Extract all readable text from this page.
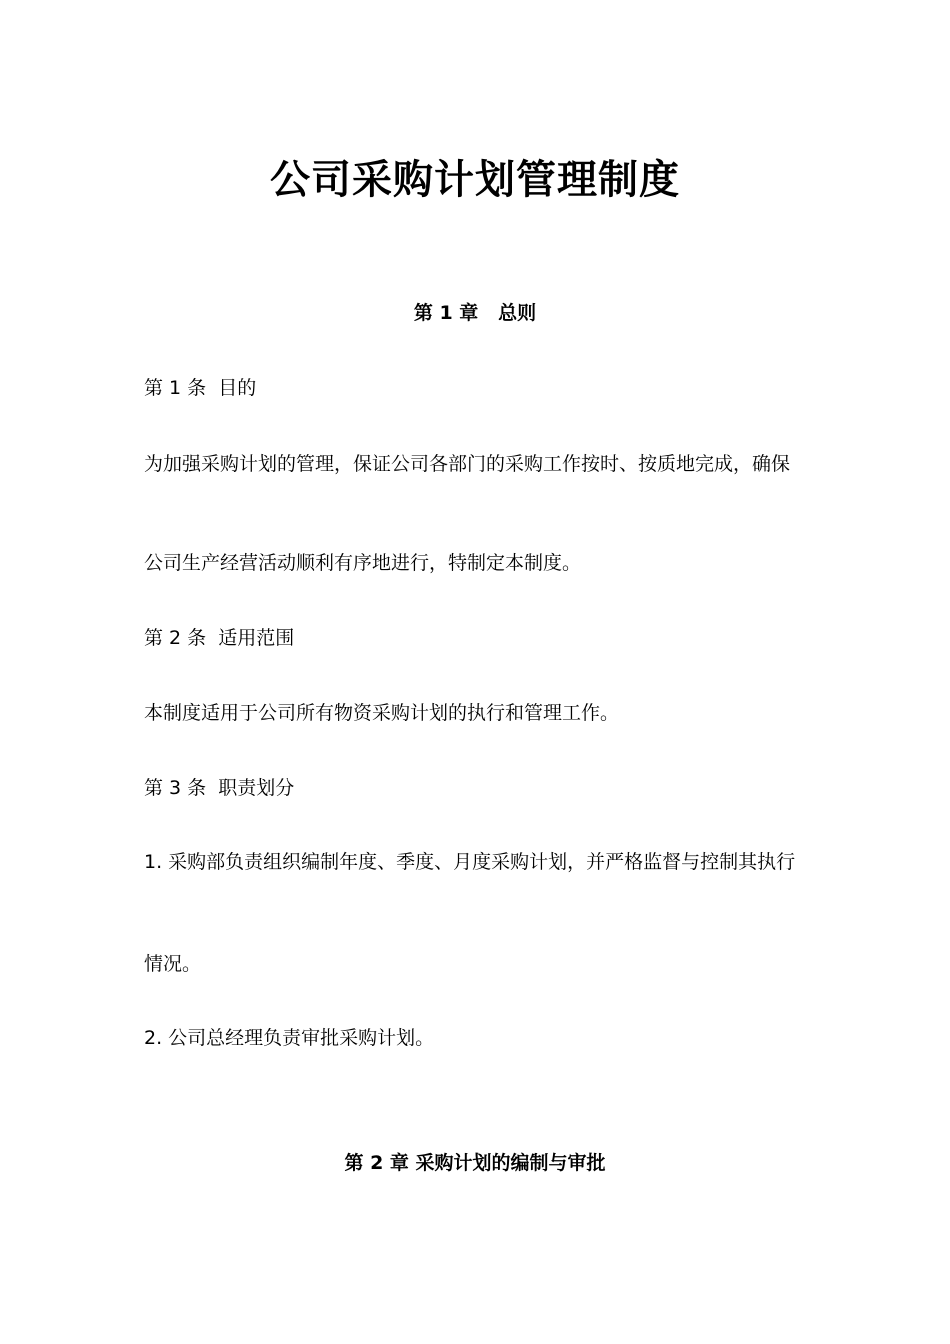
公司采购计划管理制度
第 1 章   总则
第 1 条  目的
为加强采购计划的管理，保证公司各部门的采购工作按时、按质地完成，确保
公司生产经营活动顺利有序地进行，特制定本制度。
第 2 条  适用范围
本制度适用于公司所有物资采购计划的执行和管理工作。
第 3 条  职责划分
1. 采购部负责组织编制年度、季度、月度采购计划，并严格监督与控制其执行
情况。
2. 公司总经理负责审批采购计划。
第 2 章 采购计划的编制与审批
